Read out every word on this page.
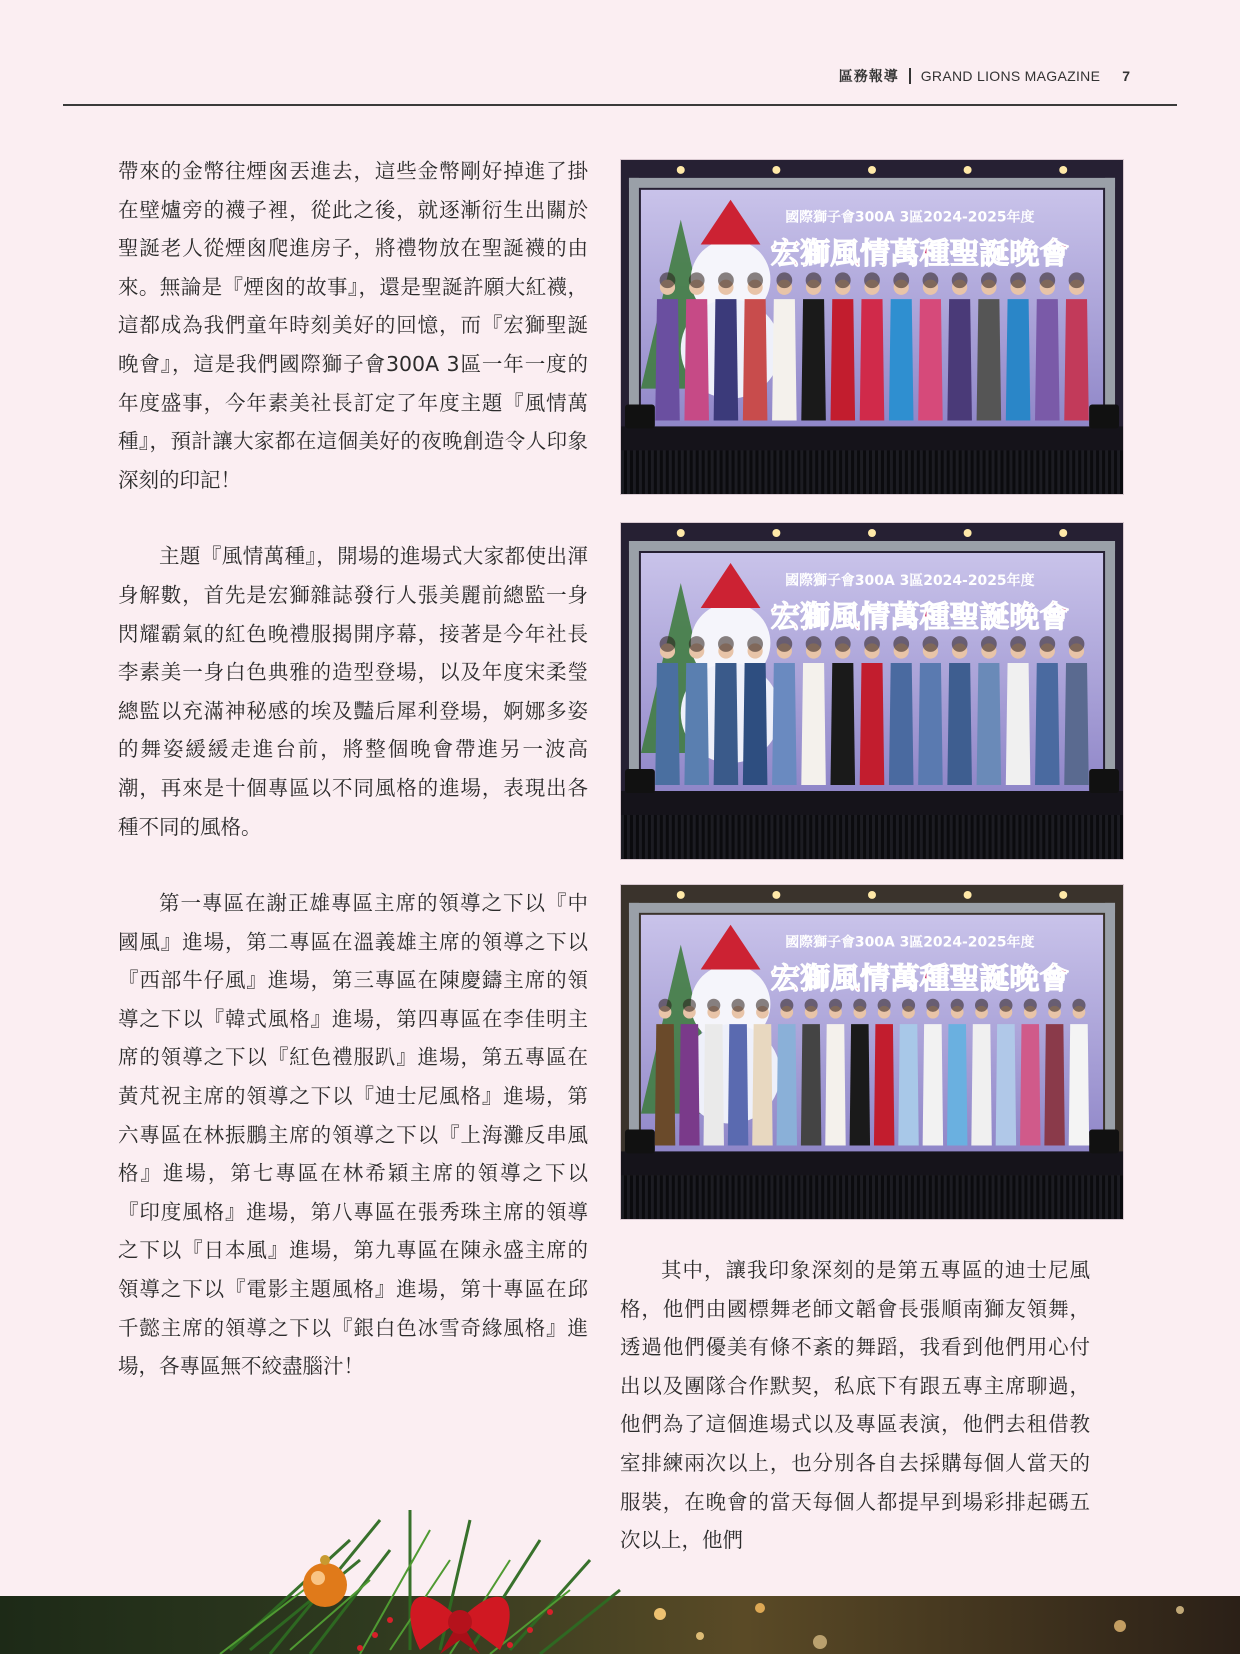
區務報導 GRAND LIONS MAGAZINE 7

帶來的金幣往煙囪丟進去，這些金幣剛好掉進了掛在壁爐旁的襪子裡，從此之後，就逐漸衍生出關於聖誕老人從煙囪爬進房子，將禮物放在聖誕襪的由來。無論是『煙囪的故事』，還是聖誕許願大紅襪，這都成為我們童年時刻美好的回憶，而『宏獅聖誕晚會』，這是我們國際獅子會300A 3區一年一度的年度盛事，今年素美社長訂定了年度主題『風情萬種』，預計讓大家都在這個美好的夜晚創造令人印象深刻的印記！

主題『風情萬種』，開場的進場式大家都使出渾身解數，首先是宏獅雜誌發行人張美麗前總監一身閃耀霸氣的紅色晚禮服揭開序幕，接著是今年社長李素美一身白色典雅的造型登場，以及年度宋柔瑩總監以充滿神秘感的埃及豔后犀利登場，婀娜多姿的舞姿緩緩走進台前，將整個晚會帶進另一波高潮，再來是十個專區以不同風格的進場，表現出各種不同的風格。

第一專區在謝正雄專區主席的領導之下以『中國風』進場，第二專區在溫義雄主席的領導之下以『西部牛仔風』進場，第三專區在陳慶鑄主席的領導之下以『韓式風格』進場，第四專區在李佳明主席的領導之下以『紅色禮服趴』進場，第五專區在黃芃祝主席的領導之下以『迪士尼風格』進場，第六專區在林振鵬主席的領導之下以『上海灘反串風格』進場，第七專區在林希穎主席的領導之下以『印度風格』進場，第八專區在張秀珠主席的領導之下以『日本風』進場，第九專區在陳永盛主席的領導之下以『電影主題風格』進場，第十專區在邱千懿主席的領導之下以『銀白色冰雪奇緣風格』進場，各專區無不絞盡腦汁！

國際獅子會300A 3區2024-2025年度
宏獅風情萬種聖誕晚會
國際獅子會300A 3區2024-2025年度
宏獅風情萬種聖誕晚會
國際獅子會300A 3區2024-2025年度
宏獅風情萬種聖誕晚會

其中，讓我印象深刻的是第五專區的迪士尼風格，他們由國標舞老師文韜會長張順南獅友領舞，透過他們優美有條不紊的舞蹈，我看到他們用心付出以及團隊合作默契，私底下有跟五專主席聊過，他們為了這個進場式以及專區表演，他們去租借教室排練兩次以上，也分別各自去採購每個人當天的服裝，在晚會的當天每個人都提早到場彩排起碼五次以上，他們
